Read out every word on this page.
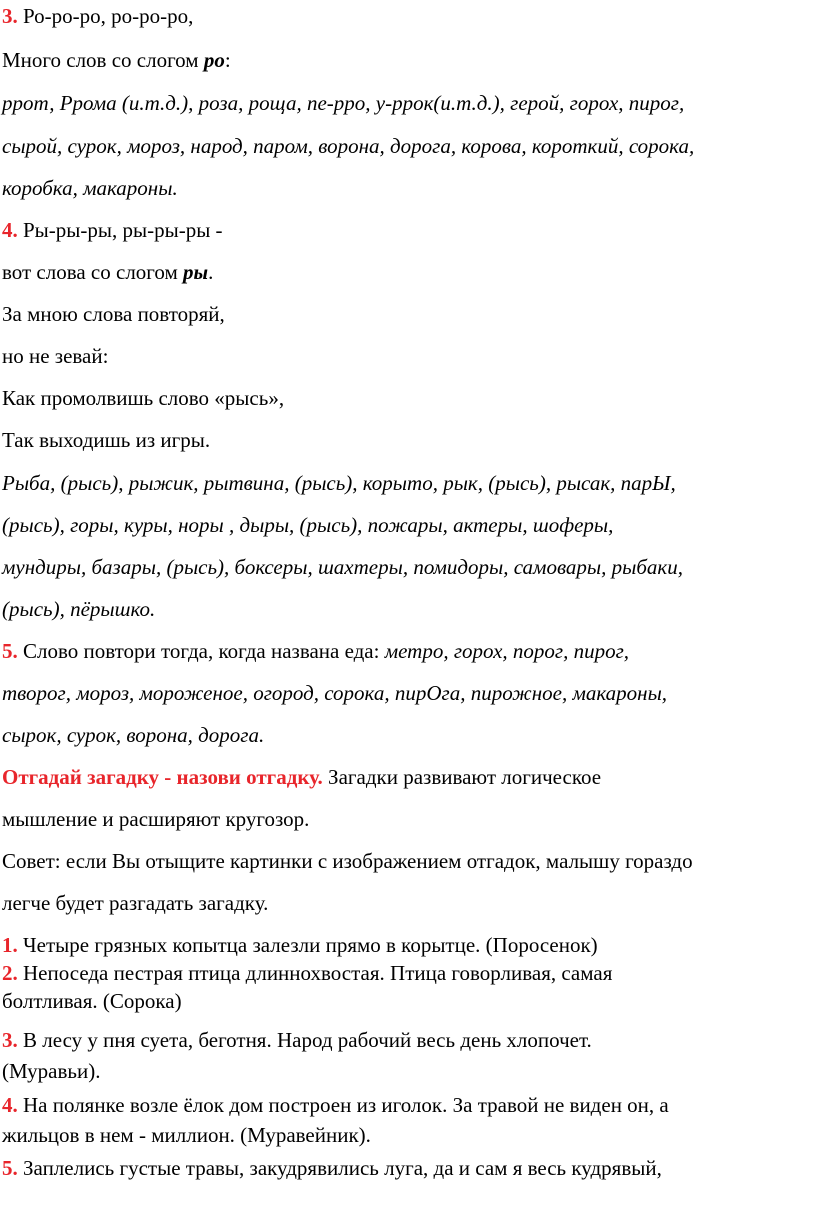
3. Ро-ро-ро, ро-ро-ро,

Много слов со слогом ро:

ррот, Ррома (и.т.д.), роза, роща, пе-рро, у-ррок(и.т.д.), герой, горох, пирог,

сырой, сурок, мороз, народ, паром, ворона, дорога, корова, короткий, сорока,

коробка, макароны.

4. Ры-ры-ры, ры-ры-ры -

вот слова со слогом ры.

За мною слова повторяй,

но не зевай:

Как промолвишь слово «рысь»,

Так выходишь из игры.

Рыба, (рысь), рыжик, рытвина, (рысь), корыто, рык, (рысь), рысак, парЫ,

(рысь), горы, куры, норы , дыры, (рысь), пожары, актеры, шоферы,

мундиры, базары, (рысь), боксеры, шахтеры, помидоры, самовары, рыбаки,

(рысь), пёрышко.

5. Слово повтори тогда, когда названа еда: метро, горох, порог, пирог,

творог, мороз, мороженое, огород, сорока, пирОга, пирожное, макароны,

сырок, сурок, ворона, дорога.

Отгадай загадку - назови отгадку. Загадки развивают логическое

мышление и расширяют кругозор.

Совет: если Вы отыщите картинки с изображением отгадок, малышу гораздо

легче будет разгадать загадку.

1. Четыре грязных копытца залезли прямо в корытце. (Поросенок)

2. Непоседа пестрая птица длиннохвостая. Птица говорливая, самая

болтливая. (Сорока)

3. В лесу у пня суета, беготня. Народ рабочий весь день хлопочет.

(Муравьи).

4. На полянке возле ёлок дом построен из иголок. За травой не виден он, а

жильцов в нем - миллион. (Муравейник).

5. Заплелись густые травы, закудрявились луга, да и сам я весь кудрявый,
